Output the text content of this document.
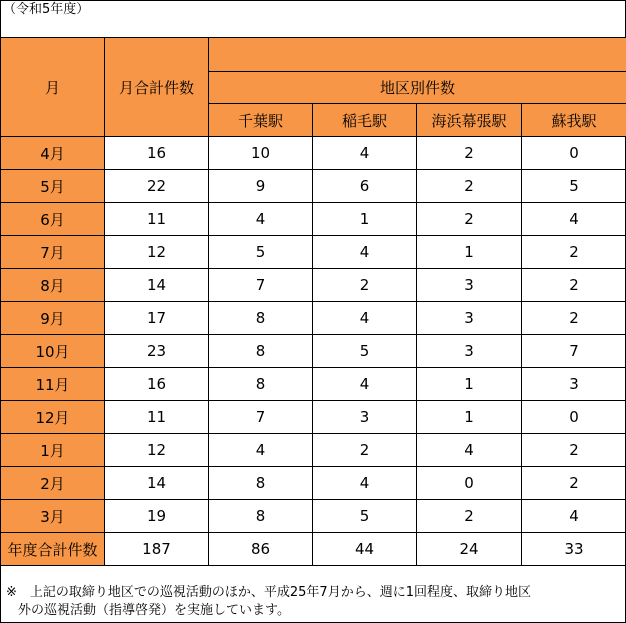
（令和5年度）
月	月合計件数				
		地区別件数			
		千葉駅	稲毛駅	海浜幕張駅	蘇我駅
4月	16	10	4	2	0
5月	22	9	6	2	5
6月	11	4	1	2	4
7月	12	5	4	1	2
8月	14	7	2	3	2
9月	17	8	4	3	2
10月	23	8	5	3	7
11月	16	8	4	1	3
12月	11	7	3	1	0
1月	12	4	2	4	2
2月	14	8	4	0	2
3月	19	8	5	2	4
年度合計件数	187	86	44	24	33
※　上記の取締り地区での巡視活動のほか、平成25年7月から、週に1回程度、取締り地区
外の巡視活動（指導啓発）を実施しています。
